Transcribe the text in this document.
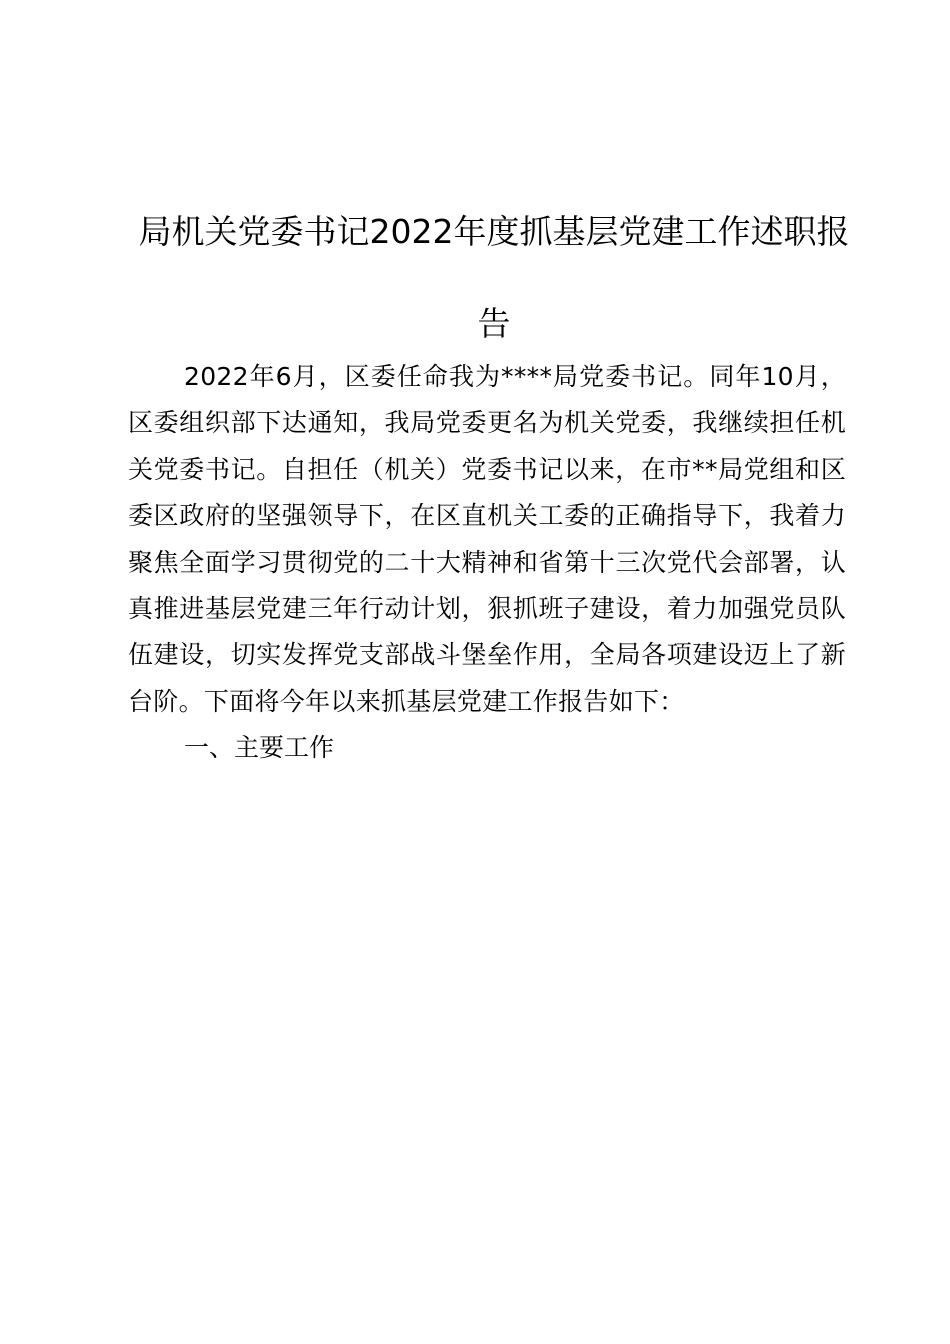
局机关党委书记2022年度抓基层党建工作述职报告

2022年6月，区委任命我为****局党委书记。同年10月，区委组织部下达通知，我局党委更名为机关党委，我继续担任机关党委书记。自担任（机关）党委书记以来，在市**局党组和区委区政府的坚强领导下，在区直机关工委的正确指导下，我着力聚焦全面学习贯彻党的二十大精神和省第十三次党代会部署，认真推进基层党建三年行动计划，狠抓班子建设，着力加强党员队伍建设，切实发挥党支部战斗堡垒作用，全局各项建设迈上了新台阶。下面将今年以来抓基层党建工作报告如下：

一、主要工作
